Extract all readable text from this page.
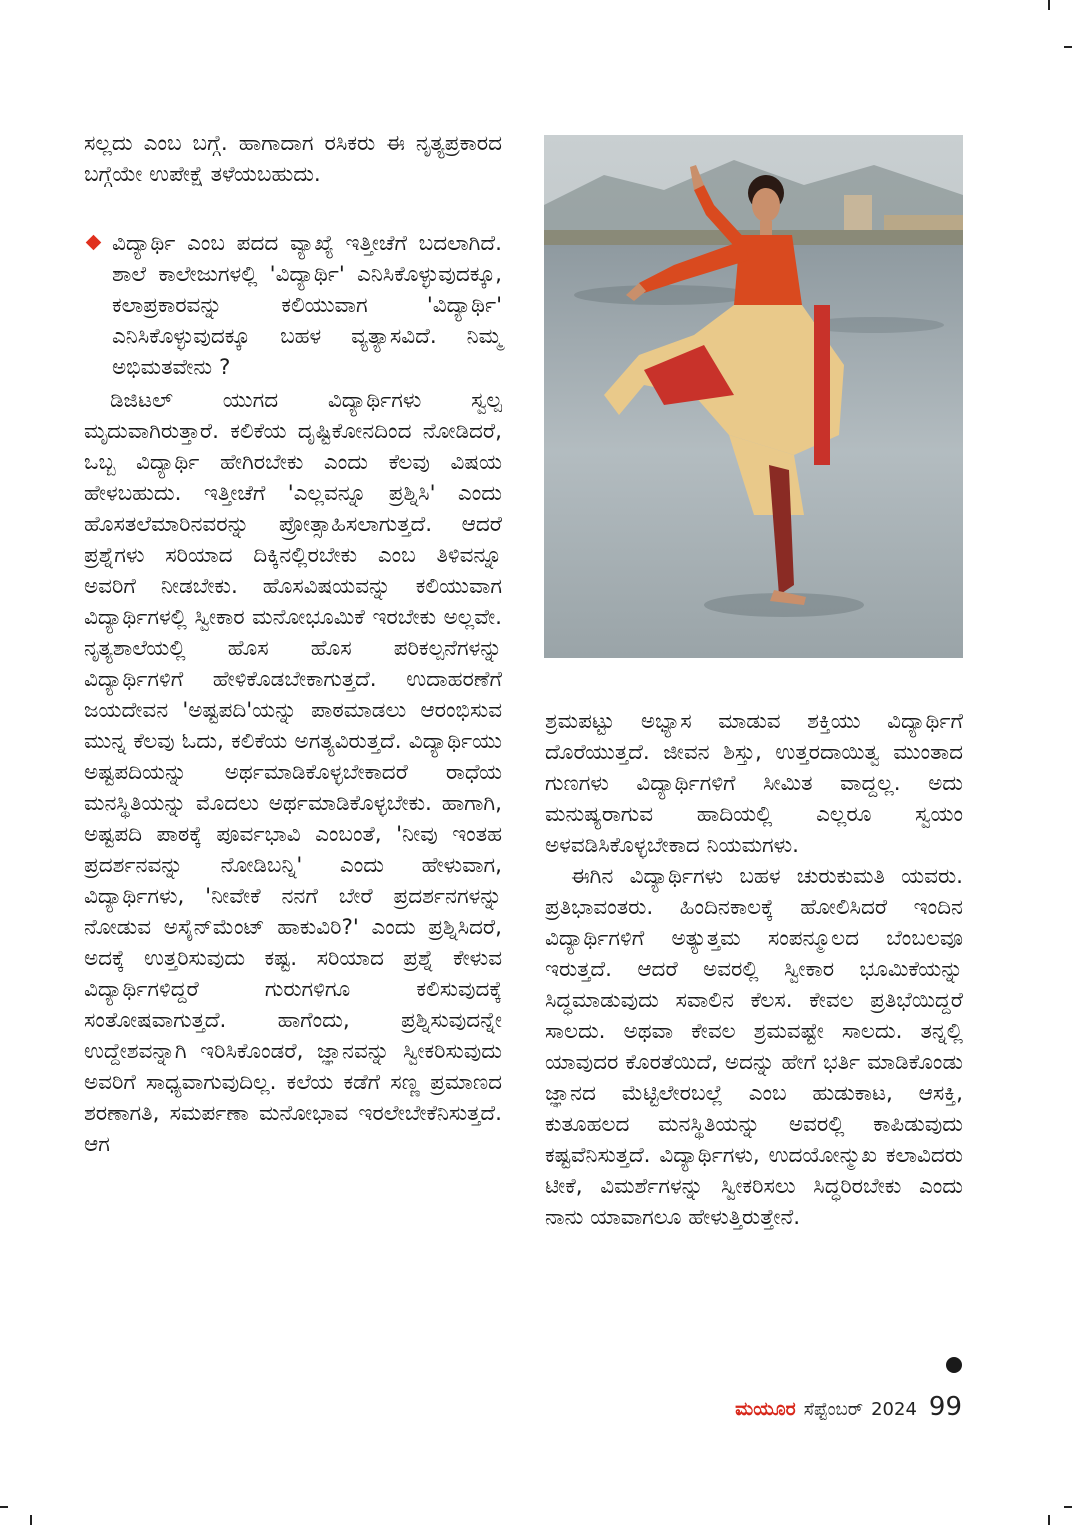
ಸಲ್ಲದು ಎಂಬ ಬಗ್ಗೆ. ಹಾಗಾದಾಗ ರಸಿಕರು ಈ ನೃತ್ಯಪ್ರಕಾರದ ಬಗ್ಗೆಯೇ ಉಪೇಕ್ಷೆ ತಳೆಯಬಹುದು.

ವಿದ್ಯಾರ್ಥಿ ಎಂಬ ಪದದ ವ್ಯಾಖ್ಯೆ ಇತ್ತೀಚೆಗೆ ಬದಲಾಗಿದೆ. ಶಾಲೆ ಕಾಲೇಜುಗಳಲ್ಲಿ 'ವಿದ್ಯಾರ್ಥಿ' ಎನಿಸಿಕೊಳ್ಳುವುದಕ್ಕೂ, ಕಲಾಪ್ರಕಾರವನ್ನು ಕಲಿಯುವಾಗ 'ವಿದ್ಯಾರ್ಥಿ' ಎನಿಸಿಕೊಳ್ಳುವುದಕ್ಕೂ ಬಹಳ ವ್ಯತ್ಯಾಸವಿದೆ. ನಿಮ್ಮ ಅಭಿಮತವೇನು ?

ಡಿಜಿಟಲ್ ಯುಗದ ವಿದ್ಯಾರ್ಥಿಗಳು ಸ್ವಲ್ಪ ಮೃದುವಾಗಿರುತ್ತಾರೆ. ಕಲಿಕೆಯ ದೃಷ್ಟಿಕೋನದಿಂದ ನೋಡಿದರೆ, ಒಬ್ಬ ವಿದ್ಯಾರ್ಥಿ ಹೇಗಿರಬೇಕು ಎಂದು ಕೆಲವು ವಿಷಯ ಹೇಳಬಹುದು. ಇತ್ತೀಚೆಗೆ 'ಎಲ್ಲವನ್ನೂ ಪ್ರಶ್ನಿಸಿ' ಎಂದು ಹೊಸತಲೆಮಾರಿನವರನ್ನು ಪ್ರೋತ್ಸಾಹಿಸಲಾಗುತ್ತದೆ. ಆದರೆ ಪ್ರಶ್ನೆಗಳು ಸರಿಯಾದ ದಿಕ್ಕಿನಲ್ಲಿರಬೇಕು ಎಂಬ ತಿಳಿವನ್ನೂ ಅವರಿಗೆ ನೀಡಬೇಕು. ಹೊಸವಿಷಯವನ್ನು ಕಲಿಯುವಾಗ ವಿದ್ಯಾರ್ಥಿಗಳಲ್ಲಿ ಸ್ವೀಕಾರ ಮನೋಭೂಮಿಕೆ ಇರಬೇಕು ಅಲ್ಲವೇ. ನೃತ್ಯಶಾಲೆಯಲ್ಲಿ ಹೊಸ ಹೊಸ ಪರಿಕಲ್ಪನೆಗಳನ್ನು ವಿದ್ಯಾರ್ಥಿಗಳಿಗೆ ಹೇಳಿಕೊಡಬೇಕಾಗುತ್ತದೆ. ಉದಾಹರಣೆಗೆ ಜಯದೇವನ 'ಅಷ್ಟಪದಿ'ಯನ್ನು ಪಾಠಮಾಡಲು ಆರಂಭಿಸುವ ಮುನ್ನ ಕೆಲವು ಓದು, ಕಲಿಕೆಯ ಅಗತ್ಯವಿರುತ್ತದೆ. ವಿದ್ಯಾರ್ಥಿಯು ಅಷ್ಟಪದಿಯನ್ನು ಅರ್ಥಮಾಡಿಕೊಳ್ಳಬೇಕಾದರೆ ರಾಧೆಯ ಮನಸ್ಥಿತಿಯನ್ನು ಮೊದಲು ಅರ್ಥಮಾಡಿಕೊಳ್ಳಬೇಕು. ಹಾಗಾಗಿ, ಅಷ್ಟಪದಿ ಪಾಠಕ್ಕೆ ಪೂರ್ವಭಾವಿ ಎಂಬಂತೆ, 'ನೀವು ಇಂತಹ ಪ್ರದರ್ಶನವನ್ನು ನೋಡಿಬನ್ನಿ' ಎಂದು ಹೇಳುವಾಗ, ವಿದ್ಯಾರ್ಥಿಗಳು, 'ನೀವೇಕೆ ನನಗೆ ಬೇರೆ ಪ್ರದರ್ಶನಗಳನ್ನು ನೋಡುವ ಅಸೈನ್‌ಮೆಂಟ್ ಹಾಕುವಿರಿ?' ಎಂದು ಪ್ರಶ್ನಿಸಿದರೆ, ಅದಕ್ಕೆ ಉತ್ತರಿಸುವುದು ಕಷ್ಟ. ಸರಿಯಾದ ಪ್ರಶ್ನೆ ಕೇಳುವ ವಿದ್ಯಾರ್ಥಿಗಳಿದ್ದರೆ ಗುರುಗಳಿಗೂ ಕಲಿಸುವುದಕ್ಕೆ ಸಂತೋಷವಾಗುತ್ತದೆ. ಹಾಗೆಂದು, ಪ್ರಶ್ನಿಸುವುದನ್ನೇ ಉದ್ದೇಶವನ್ನಾಗಿ ಇರಿಸಿಕೊಂಡರೆ, ಜ್ಞಾನವನ್ನು ಸ್ವೀಕರಿಸುವುದು ಅವರಿಗೆ ಸಾಧ್ಯವಾಗುವುದಿಲ್ಲ. ಕಲೆಯ ಕಡೆಗೆ ಸಣ್ಣ ಪ್ರಮಾಣದ ಶರಣಾಗತಿ, ಸಮರ್ಪಣಾ ಮನೋಭಾವ ಇರಲೇಬೇಕೆನಿಸುತ್ತದೆ. ಆಗ

ಶ್ರಮಪಟ್ಟು ಅಭ್ಯಾಸ ಮಾಡುವ ಶಕ್ತಿಯು ವಿದ್ಯಾರ್ಥಿಗೆ ದೊರೆಯುತ್ತದೆ. ಜೀವನ ಶಿಸ್ತು, ಉತ್ತರದಾಯಿತ್ವ ಮುಂತಾದ ಗುಣಗಳು ವಿದ್ಯಾರ್ಥಿಗಳಿಗೆ ಸೀಮಿತ ವಾದ್ದಲ್ಲ. ಅದು ಮನುಷ್ಯರಾಗುವ ಹಾದಿಯಲ್ಲಿ ಎಲ್ಲರೂ ಸ್ವಯಂ ಅಳವಡಿಸಿಕೊಳ್ಳಬೇಕಾದ ನಿಯಮಗಳು.

ಈಗಿನ ವಿದ್ಯಾರ್ಥಿಗಳು ಬಹಳ ಚುರುಕುಮತಿ ಯವರು. ಪ್ರತಿಭಾವಂತರು. ಹಿಂದಿನಕಾಲಕ್ಕೆ ಹೋಲಿಸಿದರೆ ಇಂದಿನ ವಿದ್ಯಾರ್ಥಿಗಳಿಗೆ ಅತ್ಯುತ್ತಮ ಸಂಪನ್ಮೂಲದ ಬೆಂಬಲವೂ ಇರುತ್ತದೆ. ಆದರೆ ಅವರಲ್ಲಿ ಸ್ವೀಕಾರ ಭೂಮಿಕೆಯನ್ನು ಸಿದ್ಧಮಾಡುವುದು ಸವಾಲಿನ ಕೆಲಸ. ಕೇವಲ ಪ್ರತಿಭೆಯಿದ್ದರೆ ಸಾಲದು. ಅಥವಾ ಕೇವಲ ಶ್ರಮವಷ್ಟೇ ಸಾಲದು. ತನ್ನಲ್ಲಿ ಯಾವುದರ ಕೊರತೆಯಿದೆ, ಅದನ್ನು ಹೇಗೆ ಭರ್ತಿ ಮಾಡಿಕೊಂಡು ಜ್ಞಾನದ ಮೆಟ್ಟಿಲೇರಬಲ್ಲೆ ಎಂಬ ಹುಡುಕಾಟ, ಆಸಕ್ತಿ, ಕುತೂಹಲದ ಮನಸ್ಥಿತಿಯನ್ನು ಅವರಲ್ಲಿ ಕಾಪಿಡುವುದು ಕಷ್ಟವೆನಿಸುತ್ತದೆ. ವಿದ್ಯಾರ್ಥಿಗಳು, ಉದಯೋನ್ಮುಖ ಕಲಾವಿದರು ಟೀಕೆ, ವಿಮರ್ಶೆಗಳನ್ನು ಸ್ವೀಕರಿಸಲು ಸಿದ್ಧರಿರಬೇಕು ಎಂದು ನಾನು ಯಾವಾಗಲೂ ಹೇಳುತ್ತಿರುತ್ತೇನೆ.

ಮಯೂರ ಸೆಪ್ಟೆಂಬರ್ 2024 99
